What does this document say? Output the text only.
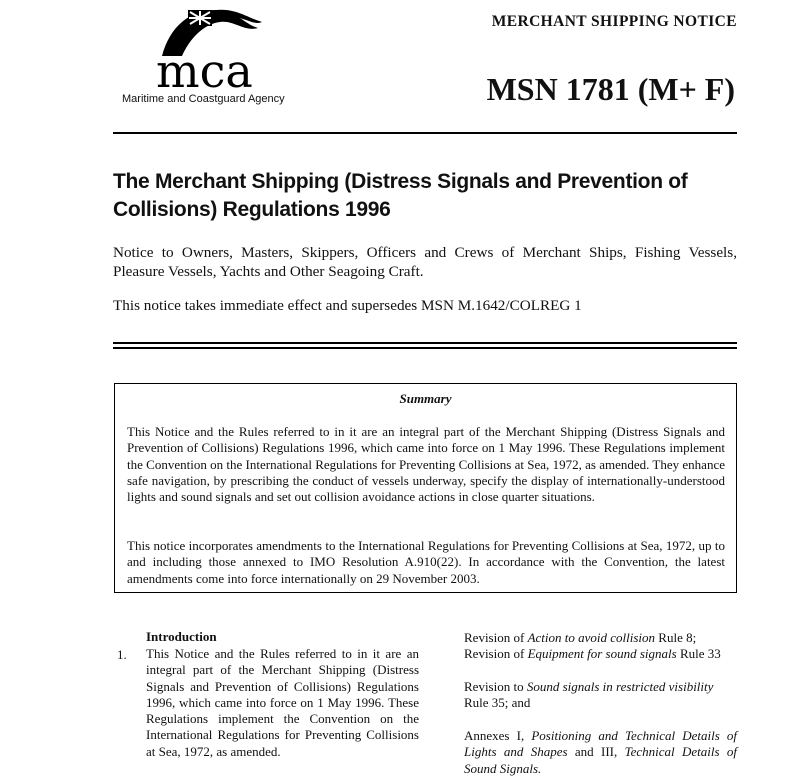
mca
Maritime and Coastguard Agency
MERCHANT SHIPPING NOTICE
MSN 1781 (M+ F)
The Merchant Shipping (Distress Signals and Prevention of Collisions) Regulations 1996

Notice to Owners, Masters, Skippers, Officers and Crews of Merchant Ships, Fishing Vessels, Pleasure Vessels, Yachts and Other Seagoing Craft.

This notice takes immediate effect and supersedes MSN M.1642/COLREG 1
Summary

This Notice and the Rules referred to in it are an integral part of the Merchant Shipping (Distress Signals and Prevention of Collisions) Regulations 1996, which came into force on 1 May 1996. These Regulations implement the Convention on the International Regulations for Preventing Collisions at Sea, 1972, as amended. They enhance safe navigation, by prescribing the conduct of vessels underway, specify the display of internationally-understood lights and sound signals and set out collision avoidance actions in close quarter situations.

This notice incorporates amendments to the International Regulations for Preventing Collisions at Sea, 1972, up to and including those annexed to IMO Resolution A.910(22). In accordance with the Convention, the latest amendments come into force internationally on 29 November 2003.

Introduction
1. This Notice and the Rules referred to in it are an integral part of the Merchant Shipping (Distress Signals and Prevention of Collisions) Regulations 1996, which came into force on 1 May 1996. These Regulations implement the Convention on the International Regulations for Preventing Collisions at Sea, 1972, as amended.

Revision of Action to avoid collision Rule 8;

Revision of Equipment for sound signals Rule 33

Revision to Sound signals in restricted visibility Rule 35; and

Annexes I, Positioning and Technical Details of Lights and Shapes and III, Technical Details of Sound Signals.
